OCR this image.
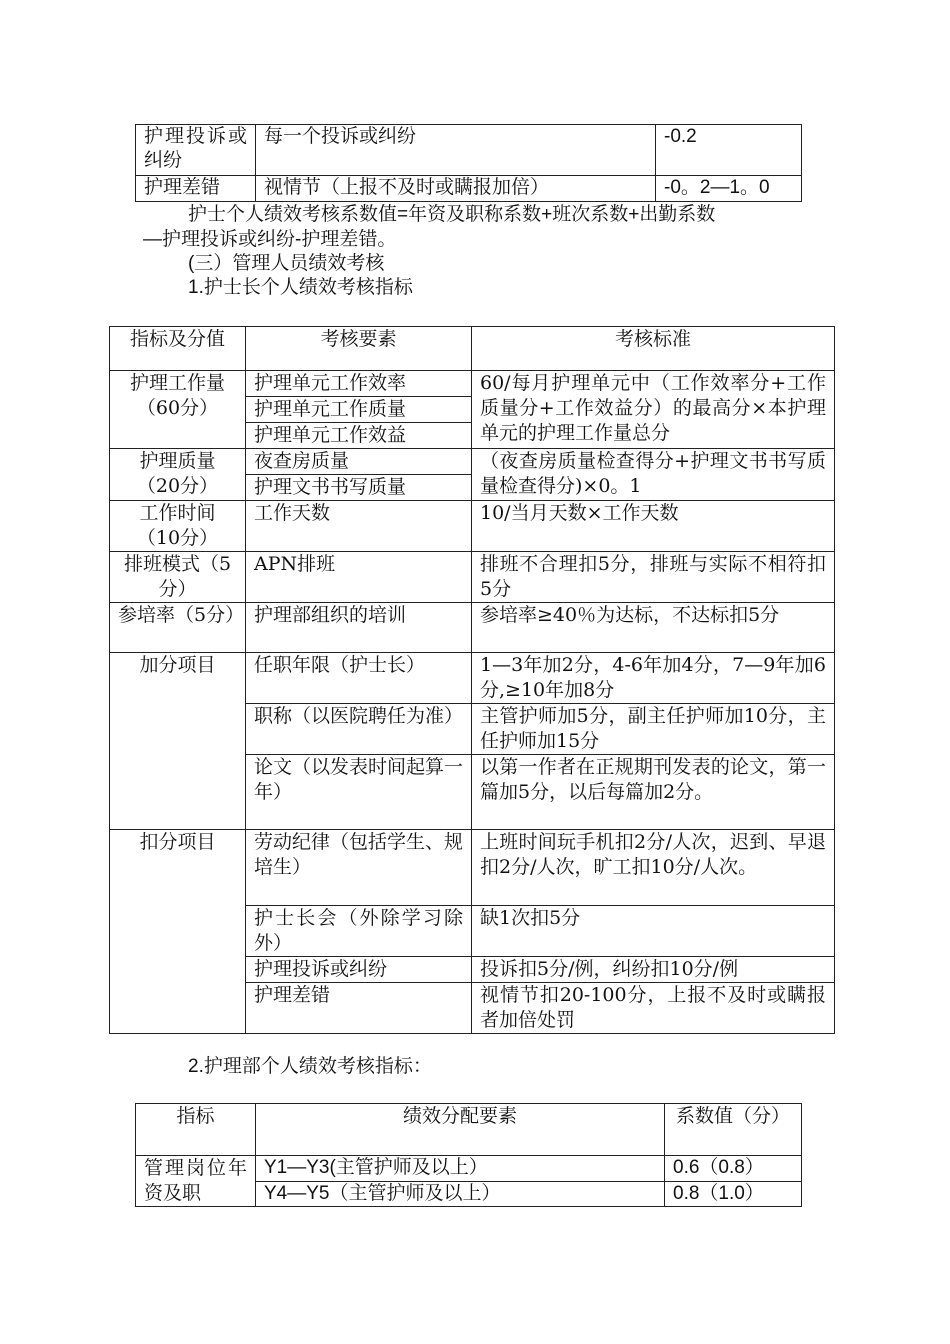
护理投诉或纠纷	每一个投诉或纠纷	-0.2
护理差错	视情节（上报不及时或瞒报加倍）	-0。2—1。0
护士个人绩效考核系数值=年资及职称系数+班次系数+出勤系数
—护理投诉或纠纷-护理差错。
(三）管理人员绩效考核
1.护士长个人绩效考核指标
指标及分值	考核要素	考核标准
护理工作量（60分）	护理单元工作效率	60/每月护理单元中（工作效率分+工作质量分+工作效益分）的最高分×本护理单元的护理工作量总分
	护理单元工作质量	
	护理单元工作效益	
护理质量（20分）	夜查房质量	（夜查房质量检查得分+护理文书书写质量检查得分)×0。1
	护理文书书写质量	
工作时间（10分）	工作天数	10/当月天数×工作天数
排班模式（5分）	APN排班	排班不合理扣5分，排班与实际不相符扣5分
参培率（5分）	护理部组织的培训	参培率≥40％为达标，不达标扣5分
加分项目	任职年限（护士长）	1—3年加2分，4-6年加4分，7—9年加6分,≥10年加8分
	职称（以医院聘任为准）	主管护师加5分，副主任护师加10分，主任护师加15分
	论文（以发表时间起算一年）	以第一作者在正规期刊发表的论文，第一篇加5分，以后每篇加2分。
扣分项目	劳动纪律（包括学生、规培生）	上班时间玩手机扣2分/人次，迟到、早退扣2分/人次，旷工扣10分/人次。
	护士长会（外除学习除外）	缺1次扣5分
	护理投诉或纠纷	投诉扣5分/例，纠纷扣10分/例
	护理差错	视情节扣20-100分，上报不及时或瞒报者加倍处罚
2.护理部个人绩效考核指标：
指标	绩效分配要素	系数值（分）
管理岗位年资及职	Y1—Y3(主管护师及以上）	0.6（0.8）
	Y4—Y5（主管护师及以上）	0.8（1.0）
